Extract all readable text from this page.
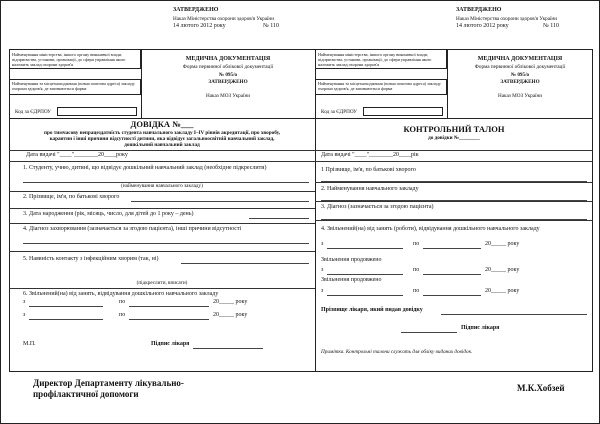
ЗАТВЕРДЖЕНО
Наказ Міністерства охорони здоров'я України
14 лютого 2012 року	№ 110
ЗАТВЕРДЖЕНО
Наказ Міністерства охорони здоров'я України
14 лютого 2012 року	№ 110
Найменування міністерства, іншого органу виконавчої влади, підприємства, установи, організації, до сфери управління якого належить заклад охорони здоров'я
Найменування та місцезнаходження (повна поштова адреса) закладу охорони здоров'я, де заповнюється форма
Код за ЄДРПОУ
МЕДИЧНА ДОКУМЕНТАЦІЯ
Форма первинної облікової документації
№ 095/о
ЗАТВЕРДЖЕНО
Наказ МОЗ України
Найменування міністерства, іншого органу виконавчої влади, підприємства, установи, організації, до сфери управління якого належить заклад охорони здоров'я
Найменування та місцезнаходження (повна поштова адреса) закладу охорони здоров'я, де заповнюється форма
Код за ЄДРПОУ
МЕДИЧНА ДОКУМЕНТАЦІЯ
Форма первинної облікової документації
№ 095/о
ЗАТВЕРДЖЕНО
Наказ МОЗ України
ДОВІДКА №___
про тимчасову непрацездатність студента навчального закладу I–IV рівнів акредитації, про хворобу,
карантин і інші причини відсутності дитини, яка відвідує загальноосвітній навчальний заклад,
дошкільний навчальний заклад
Дата видачі "____"________20____року
1. Студенту, учню, дитині, що відвідує дошкільний навчальний заклад (необхідне підкреслити)
(найменування навчального закладу)
2. Прізвище, ім'я, по батькові хворого
3. Дата народження (рік, місяць, число, для дітей до 1 року – день)
4. Діагноз захворювання (зазначається за згодою пацієнта), інші причини відсутності
5. Наявність контакту з інфекційним хворим (так, ні)
(підкреслити, вписати)
6. Звільнений(на) від занять, відвідування дошкільного навчального закладу
з	по	20_____ року
з	по	20_____ року
М.П.	Підпис лікаря
КОНТРОЛЬНИЙ ТАЛОН
до довідки №________
Дата видачі "____"________20____рік
1 Прізвище, ім'я, по батькові хворого
2. Найменування навчального закладу
3. Діагноз (зазначається за згодою пацієнта)
4. Звільнений(на) від занять (роботи), відвідування дошкільного навчального закладу
з	по	20_____ року
Звільнення продовжено
з	по	20_____ року
Звільнення продовжено
з	по	20_____ року
Прізвище лікаря, який видав довідку
Підпис лікаря
Примітка. Контрольні талони служать для обліку виданих довідок.
Директор Департаменту лікувально-
профілактичної допомоги
М.К.Хобзей
